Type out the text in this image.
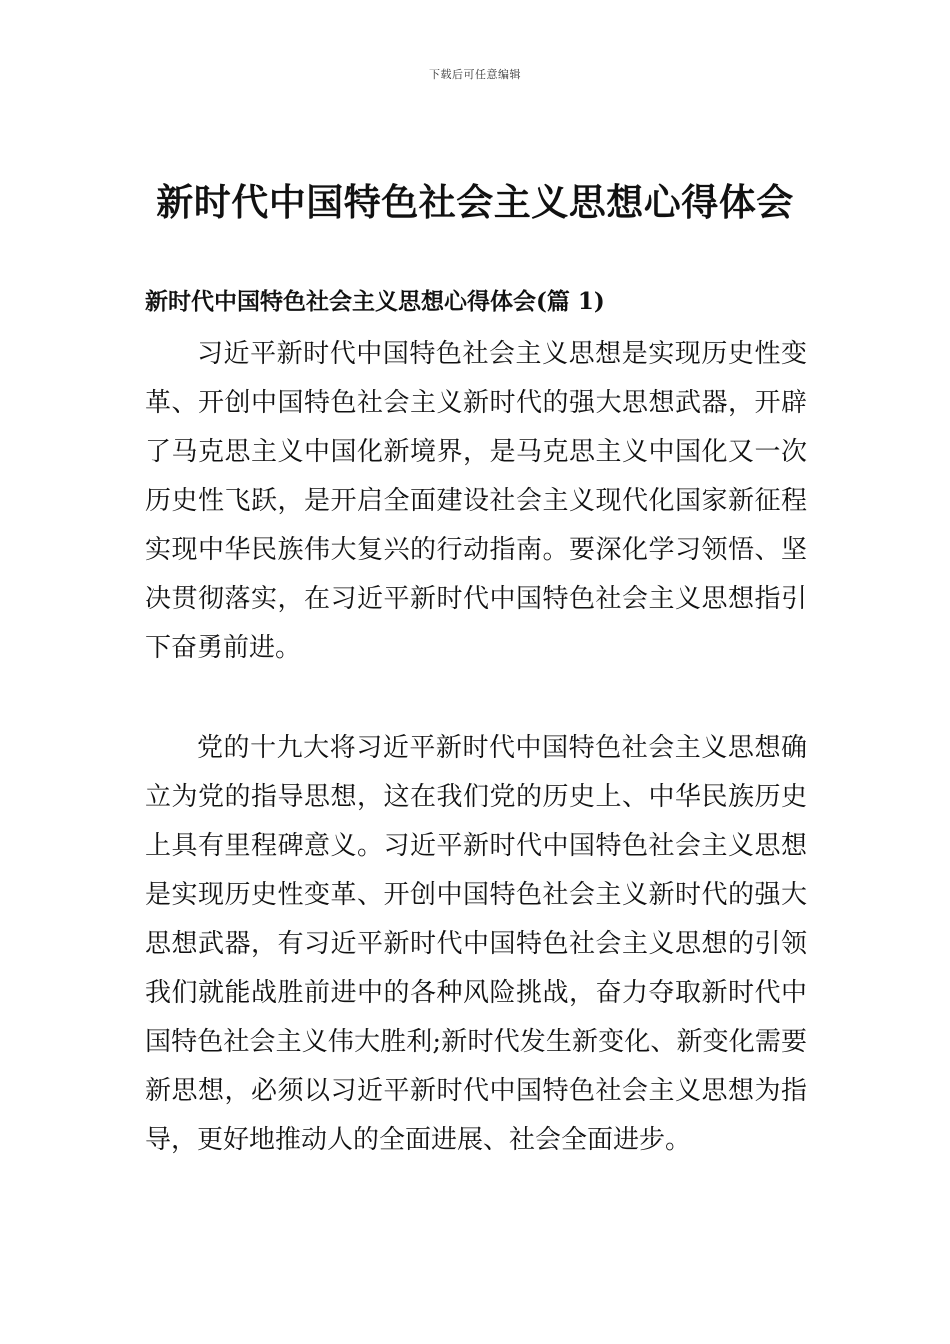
下载后可任意编辑
新时代中国特色社会主义思想心得体会
新时代中国特色社会主义思想心得体会(篇 1)

习近平新时代中国特色社会主义思想是实现历史性变革、开创中国特色社会主义新时代的强大思想武器，开辟了马克思主义中国化新境界，是马克思主义中国化又一次历史性飞跃，是开启全面建设社会主义现代化国家新征程实现中华民族伟大复兴的行动指南。要深化学习领悟、坚决贯彻落实，在习近平新时代中国特色社会主义思想指引下奋勇前进。

党的十九大将习近平新时代中国特色社会主义思想确立为党的指导思想，这在我们党的历史上、中华民族历史上具有里程碑意义。习近平新时代中国特色社会主义思想是实现历史性变革、开创中国特色社会主义新时代的强大思想武器，有习近平新时代中国特色社会主义思想的引领我们就能战胜前进中的各种风险挑战，奋力夺取新时代中国特色社会主义伟大胜利;新时代发生新变化、新变化需要新思想，必须以习近平新时代中国特色社会主义思想为指导，更好地推动人的全面进展、社会全面进步。
